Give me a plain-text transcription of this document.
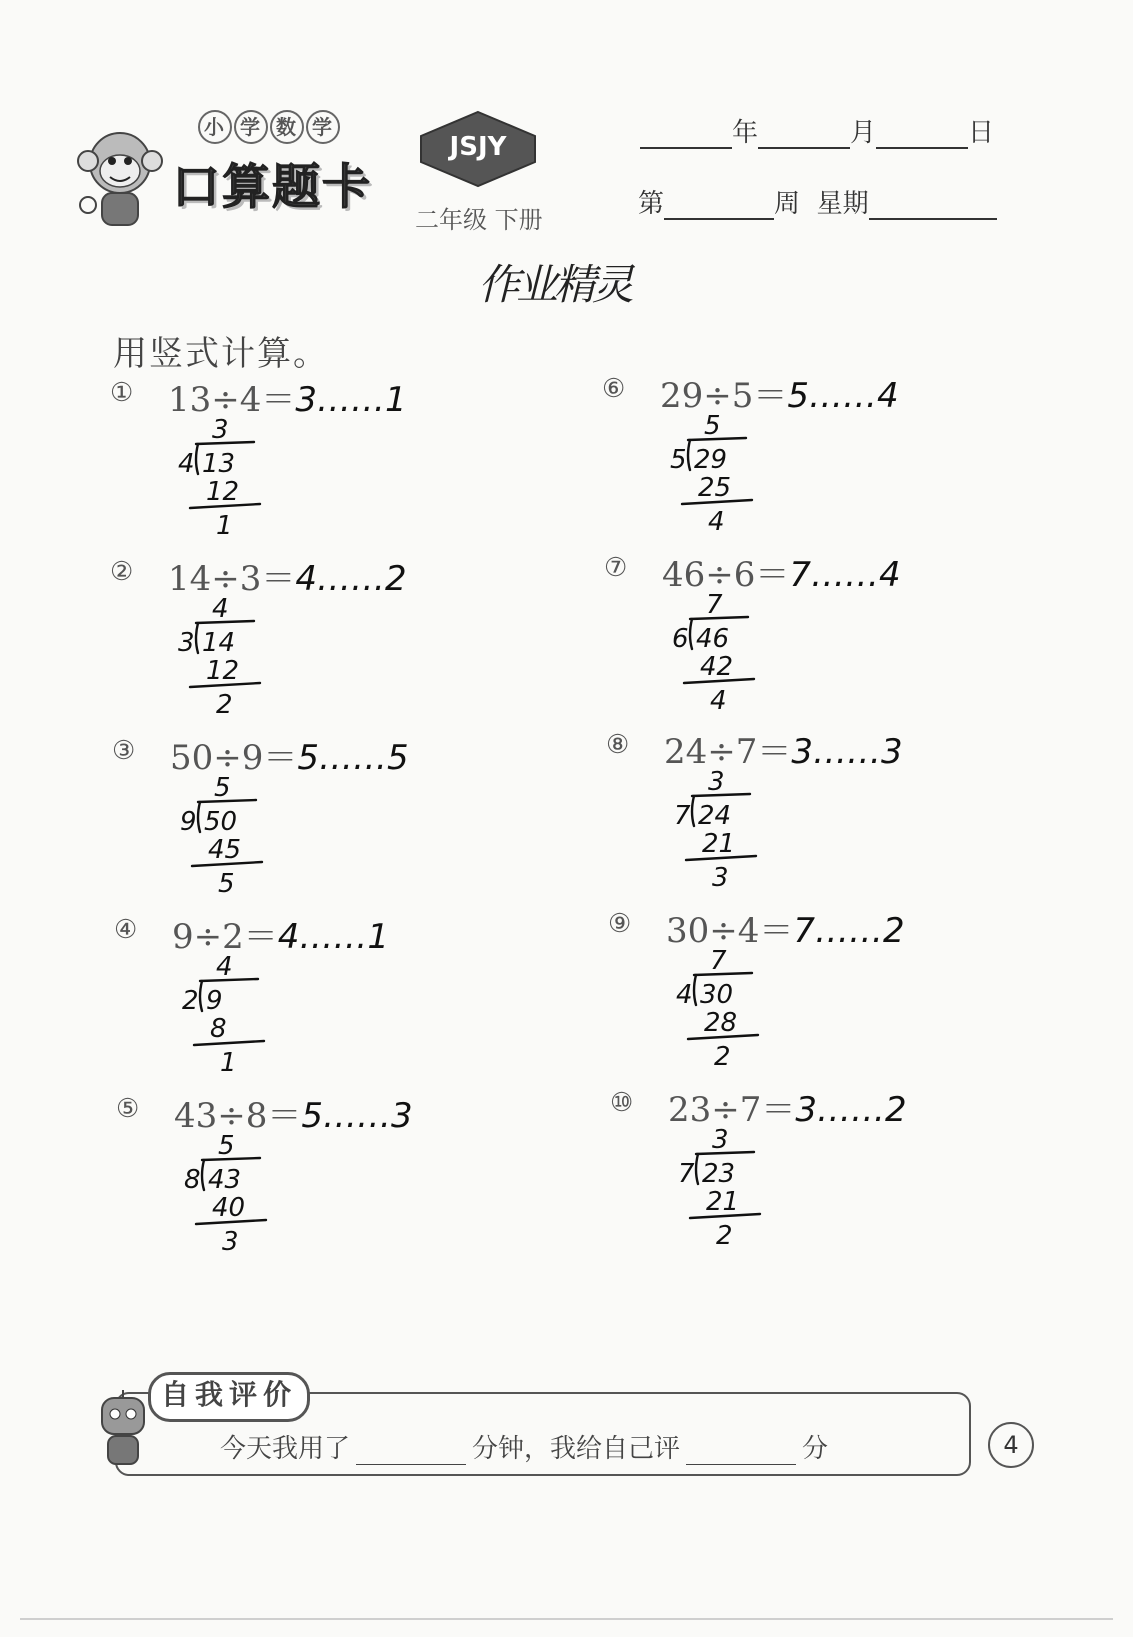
小 学 数 学
口算题卡
JSJY
二年级 下册
年	月	日
第	周 星期
作业精灵
用竖式计算。
① 13÷4＝3……1
3
4 13
12
1
② 14÷3＝4……2
4
3 14
12
2
③ 50÷9＝5……5
5
9 50
45
5
④ 9÷2＝4……1
4
2 9
8
1
⑤ 43÷8＝5……3
5
8 43
40
3
⑥ 29÷5＝5……4
5
5 29
25
4
⑦ 46÷6＝7……4
7
6 46
42
4
⑧ 24÷7＝3……3
3
7 24
21
3
⑨ 30÷4＝7……2
7
4 30
28
2
⑩ 23÷7＝3……2
3
7 23
21
2
自我评价
今天我用了	分钟，我给自己评	分	4
